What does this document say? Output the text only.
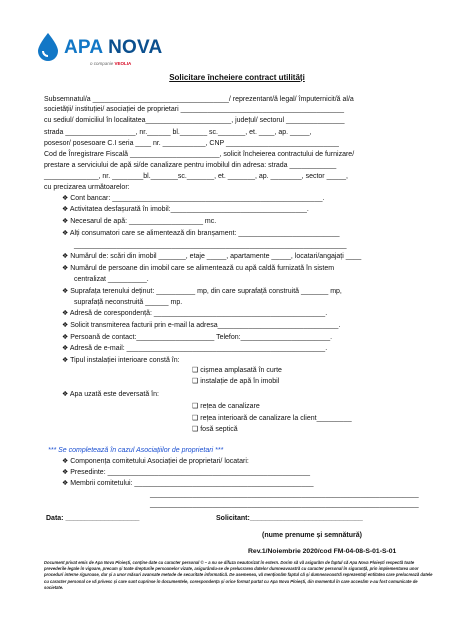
APA NOVA
o companie VEOLIA
Solicitare încheiere contract utilități
Subsemnatul/a ___________________________________/ reprezentant/ă legal/ împuternicit/ă al/a
societății/ instituției/ asociației de proprietari __________________________________________
cu sediul/ domiciliul în localitatea______________________, județul/ sectorul _______________
strada __________________, nr.______ bl._______ sc._______, et. ____, ap. _____,
posesor/ posesoare C.I seria ____ nr. ___________, CNP _____________________________
Cod de Înregistrare Fiscală _______________________, solicit încheierea contractului de furnizare/
prestare a serviciului de apă si/de canalizare pentru imobilul din adresa: strada ____________
______________, nr. ________bl._______sc._______, et. _______, ap. ________, sector _____,
cu precizarea următoarelor:
❖ Cont bancar: ______________________________________________________.
❖ Activitatea desfașurată în imobil:___________________________________.
❖ Necesarul de apă: ___________________ mc.
❖ Alți consumatori care se alimentează din branșament: __________________________
______________________________________________________________________
❖ Numărul de: scări din imobil _______, etaje _____, apartamente _____, locatari/angajați ____
❖ Numărul de persoane din imobil care se alimentează cu apă caldă furnizată în sistem
centralizat __________.
❖ Suprafața terenului deținut: __________ mp, din care suprafață construită _______ mp,
suprafață neconstruită ______ mp.
❖ Adresă de corespondență: ____________________________________________.
❖ Solicit transmiterea facturii prin e-mail la adresa_______________________________.
❖ Persoană de contact:____________________ Telefon:_______________________.
❖ Adresă de e-mail: ___________________________________________________.
❖ Tipul instalației interioare constă în:
❑ cișmea amplasată în curte
❑ instalație de apă în imobil
❖ Apa uzată este deversată în:
❑ rețea de canalizare
❑ rețea interioară de canalizare la client_________
❑ fosă septică
*** Se completează în cazul Asociațiilor de proprietari ***
❖ Componența comitetului Asociației de proprietari/ locatari:
❖ Presedinte: ____________________________________________________
❖ Membrii comitetului: ______________________________________________
_____________________________________________________________________
_____________________________________________________________________
Data: ___________________	Solicitant:_____________________________
(nume prenume și semnătură)
Rev.1/Noiembrie 2020/cod FM-04-08-S-01-S-01
Document privat emis de Apa Nova Ploiești, conține date cu caracter personal © – a nu se difuza neautorizat în extern. Dorim să vă asigurăm de faptul că Apa Nova Ploiești respectă toate prevederile legale în vigoare, precum și toate drepturile persoanelor vizate, asigurându-se de prelucrarea datelor dumneavoastră cu caracter personal în siguranță, prin implementarea unor proceduri interne riguroase, dar și a unor măsuri avansate metode de securitate informatică. De asemenea, vă menționăm faptul că și dumneavoastră reprezentați entitatea care prelucrează datele cu caracter personal ce vă privesc și care sunt cuprinse în documentele, corespondența și orice format purtat cu Apa Nova Ploiești, din momentul în care accesăm v-au fost comunicate de societate.
